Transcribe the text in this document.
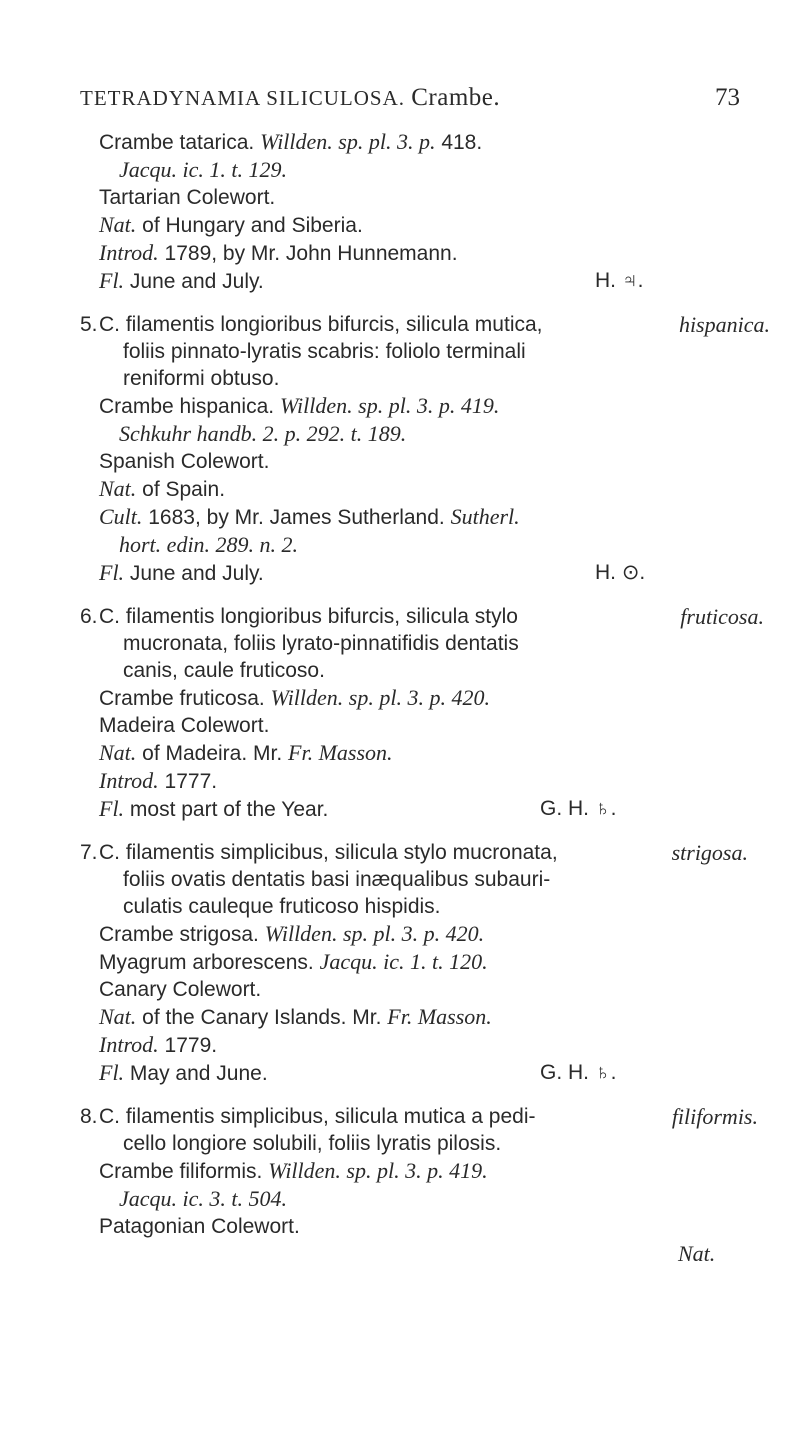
TETRADYNAMIA SILICULOSA. Crambe.	73
Crambe tatarica. Willden. sp. pl. 3. p. 418.
Jacqu. ic. 1. t. 129.
Tartarian Colewort.
Nat. of Hungary and Siberia.
Introd. 1789, by Mr. John Hunnemann.
Fl. June and July.	H. ♃.
5.C. filamentis longioribus bifurcis, silicula mutica,	hispanica.
foliis pinnato-lyratis scabris: foliolo terminali
reniformi obtuso.
Crambe hispanica. Willden. sp. pl. 3. p. 419.
Schkuhr handb. 2. p. 292. t. 189.
Spanish Colewort.
Nat. of Spain.
Cult. 1683, by Mr. James Sutherland. Sutherl.
hort. edin. 289. n. 2.
Fl. June and July.	H. ⊙.
6.C. filamentis longioribus bifurcis, silicula stylo	fruticosa.
mucronata, foliis lyrato-pinnatifidis dentatis
canis, caule fruticoso.
Crambe fruticosa. Willden. sp. pl. 3. p. 420.
Madeira Colewort.
Nat. of Madeira. Mr. Fr. Masson.
Introd. 1777.
Fl. most part of the Year.	G. H. ♄.
7.C. filamentis simplicibus, silicula stylo mucronata,	strigosa.
foliis ovatis dentatis basi inæqualibus subauri-
culatis cauleque fruticoso hispidis.
Crambe strigosa. Willden. sp. pl. 3. p. 420.
Myagrum arborescens. Jacqu. ic. 1. t. 120.
Canary Colewort.
Nat. of the Canary Islands. Mr. Fr. Masson.
Introd. 1779.
Fl. May and June.	G. H. ♄.
8.C. filamentis simplicibus, silicula mutica a pedi-	filiformis.
cello longiore solubili, foliis lyratis pilosis.
Crambe filiformis. Willden. sp. pl. 3. p. 419.
Jacqu. ic. 3. t. 504.
Patagonian Colewort.
Nat.
